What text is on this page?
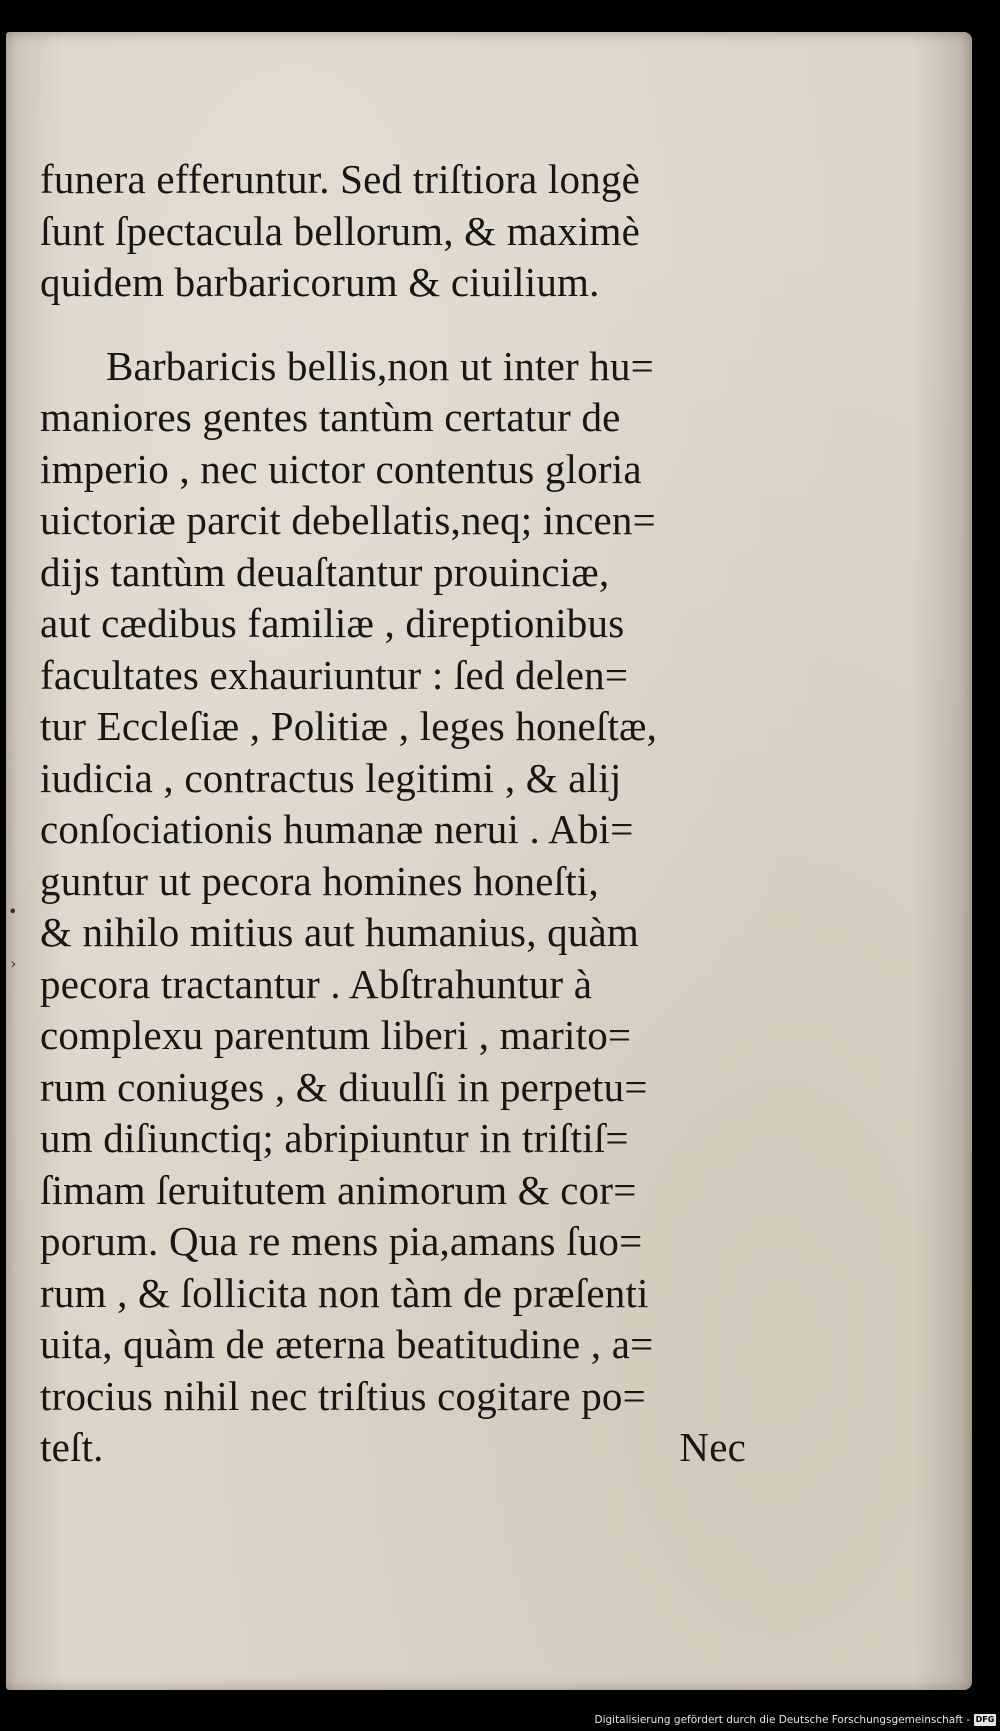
funera efferuntur. Sed triſtiora longè
ſunt ſpectacula bellorum, & maximè
quidem barbaricorum & ciuilium.
Barbaricis bellis,non ut inter hu=
maniores gentes tantùm certatur de
imperio , nec uictor contentus gloria
uictoriæ parcit debellatis,neq; incen=
dijs tantùm deuaſtantur prouinciæ,
aut cædibus familiæ , direptionibus
facultates exhauriuntur : ſed delen=
tur Eccleſiæ , Politiæ , leges honeſtæ,
iudicia , contractus legitimi , & alij
conſociationis humanæ nerui . Abi=
guntur ut pecora homines honeſti,
& nihilo mitius aut humanius, quàm
pecora tractantur . Abſtrahuntur à
complexu parentum liberi , marito=
rum coniuges , & diuulſi in perpetu=
um diſiunctiq; abripiuntur in triſtiſ=
ſimam ſeruitutem animorum & cor=
porum. Qua re mens pia,amans ſuo=
rum , & ſollicita non tàm de præſenti
uita, quàm de æterna beatitudine , a=
trocius nihil nec triſtius cogitare po=
teſt.	Nec
•
›
Digitalisierung gefördert durch die Deutsche Forschungsgemeinschaft - DFG
